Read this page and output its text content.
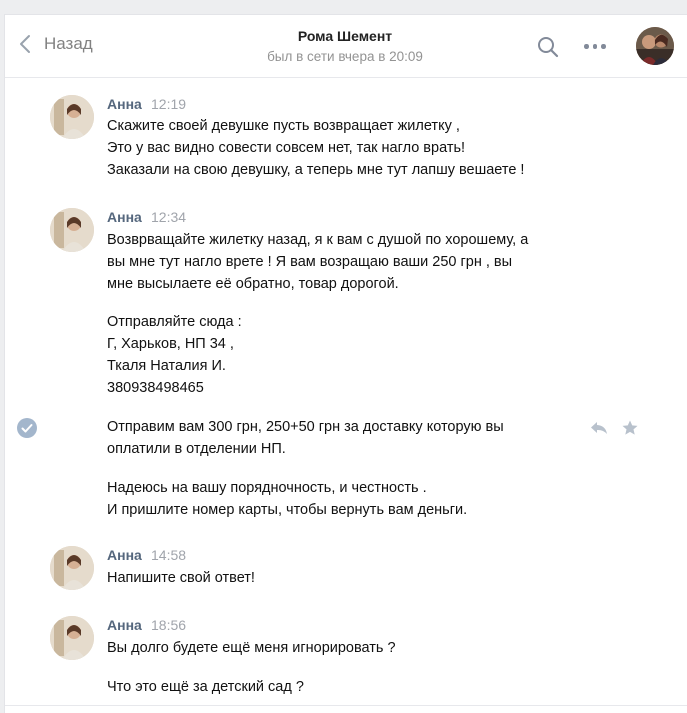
Назад	Рома Шемент
был в сети вчера в 20:09
Анна 12:19
Скажите своей девушке пусть возвращает жилетку ,
Это у вас видно совести совсем нет, так нагло врать!
Заказали на свою девушку, а теперь мне тут лапшу вешаете !
Анна 12:34
Возврващайте жилетку назад, я к вам с душой по хорошему, а
вы мне тут нагло врете ! Я вам возращаю ваши 250 грн , вы
мне высылаете её обратно, товар дорогой.
Отправляйте сюда :
Г, Харьков, НП 34 ,
Ткаля Наталия И.
380938498465
Отправим вам 300 грн, 250+50 грн за доставку которую вы
оплатили в отделении НП.
Надеюсь на вашу порядночность, и честность .
И пришлите номер карты, чтобы вернуть вам деньги.
Анна 14:58
Напишите свой ответ!
Анна 18:56
Вы долго будете ещё меня игнорировать ?
Что это ещё за детский сад ?
